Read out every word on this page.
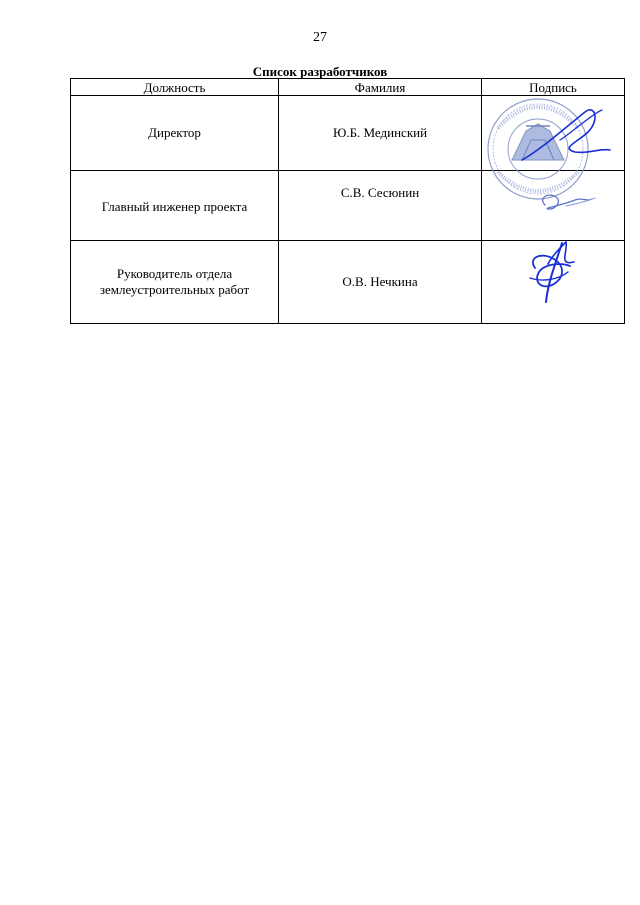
27
Список разработчиков
Должность	Фамилия	Подпись
Директор	Ю.Б. Мединский	
Главный инженер проекта	С.В. Сесюнин	
Руководитель отдела землеустроительных работ	О.В. Нечкина	
